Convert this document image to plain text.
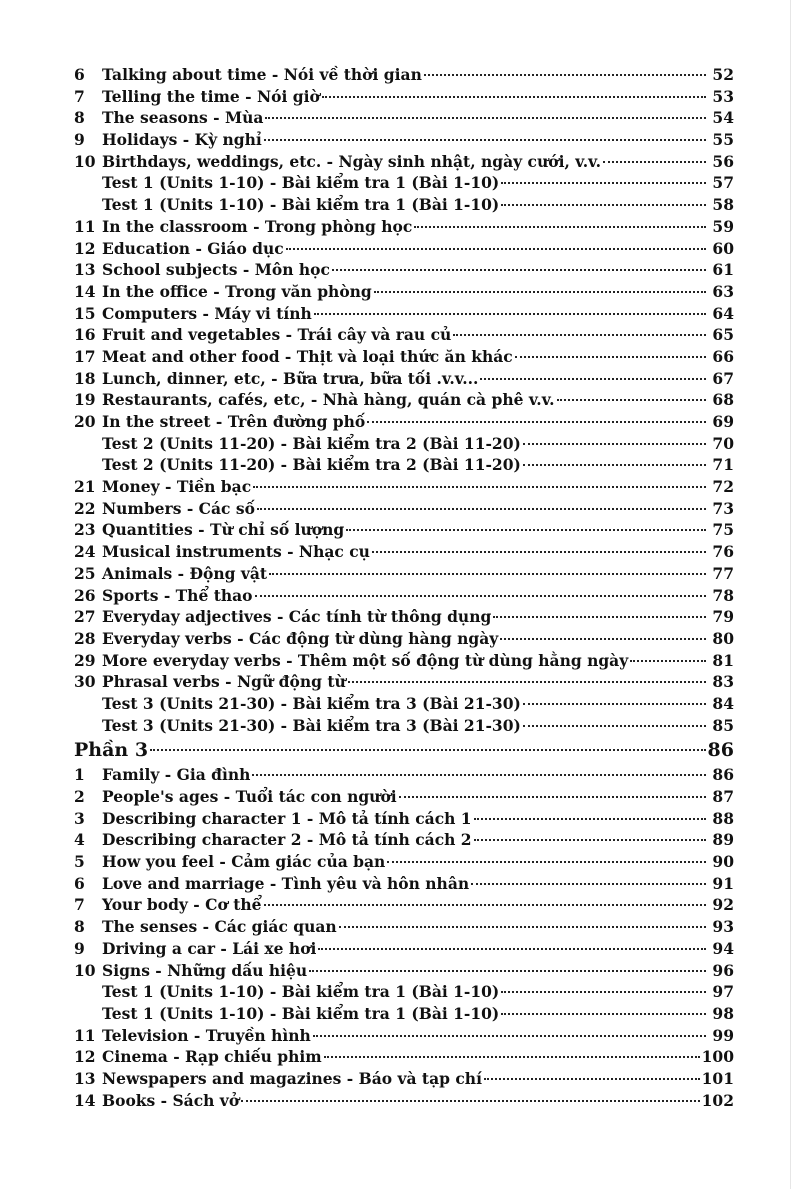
6	Talking about time - Nói về thời gian	52
7	Telling the time - Nói giờ	53
8	The seasons - Mùa	54
9	Holidays - Kỳ nghỉ	55
10 Birthdays, weddings, etc. - Ngày sinh nhật, ngày cưới, v.v.	56
Test 1 (Units 1-10) - Bài kiểm tra 1 (Bài 1-10)	57
Test 1 (Units 1-10) - Bài kiểm tra 1 (Bài 1-10)	58
11 In the classroom - Trong phòng học	59
12 Education - Giáo dục	60
13 School subjects - Môn học	61
14 In the office - Trong văn phòng	63
15 Computers - Máy vi tính	64
16 Fruit and vegetables - Trái cây và rau củ	65
17 Meat and other food - Thịt và loại thức ăn khác	66
18 Lunch, dinner, etc, - Bữa trưa, bữa tối .v.v...	67
19 Restaurants, cafés, etc, - Nhà hàng, quán cà phê v.v.	68
20 In the street - Trên đường phố	69
Test 2 (Units 11-20) - Bài kiểm tra 2 (Bài 11-20)	70
Test 2 (Units 11-20) - Bài kiểm tra 2 (Bài 11-20)	71
21 Money - Tiền bạc	72
22 Numbers - Các số	73
23 Quantities - Từ chỉ số lượng	75
24 Musical instruments - Nhạc cụ	76
25 Animals - Động vật	77
26 Sports - Thể thao	78
27 Everyday adjectives - Các tính từ thông dụng	79
28 Everyday verbs - Các động từ dùng hàng ngày	80
29 More everyday verbs - Thêm một số động từ dùng hằng ngày	81
30 Phrasal verbs - Ngữ động từ	83
Test 3 (Units 21-30) - Bài kiểm tra 3 (Bài 21-30)	84
Test 3 (Units 21-30) - Bài kiểm tra 3 (Bài 21-30)	85
Phần 3	86
1	Family - Gia đình	86
2	People's ages - Tuổi tác con người	87
3	Describing character 1 - Mô tả tính cách 1	88
4	Describing character 2 - Mô tả tính cách 2	89
5	How you feel - Cảm giác của bạn	90
6	Love and marriage - Tình yêu và hôn nhân	91
7	Your body - Cơ thể	92
8	The senses - Các giác quan	93
9	Driving a car - Lái xe hơi	94
10 Signs - Những dấu hiệu	96
Test 1 (Units 1-10) - Bài kiểm tra 1 (Bài 1-10)	97
Test 1 (Units 1-10) - Bài kiểm tra 1 (Bài 1-10)	98
11 Television - Truyền hình	99
12 Cinema - Rạp chiếu phim	100
13 Newspapers and magazines - Báo và tạp chí	101
14 Books - Sách vở	102
